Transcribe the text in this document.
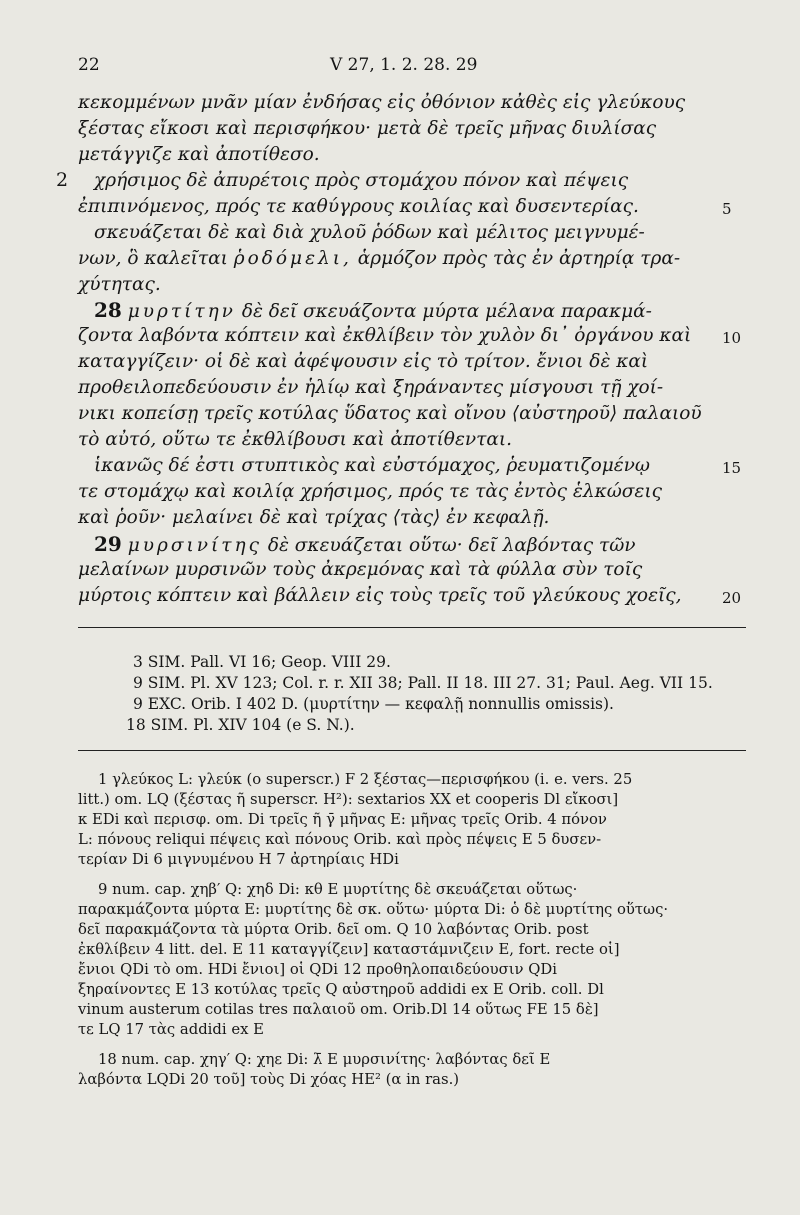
22	V 27, 1. 2. 28. 29
κεκομμένων μνᾶν μίαν ἐνδήσας εἰς ὀθόνιον κἀθὲς εἰς γλεύκους
ξέστας εἴκοσι καὶ περισφήκου· μετὰ δὲ τρεῖς μῆνας διυλίσας
μετάγγιζε καὶ ἀποτίθεσο.
2 χρήσιμος δὲ ἀπυρέτοις πρὸς στομάχου πόνον καὶ πέψεις
ἐπιπινόμενος, πρός τε καθύγρους κοιλίας καὶ δυσεντερίας.	5
σκευάζεται δὲ καὶ διὰ χυλοῦ ῥόδων καὶ μέλιτος μειγνυμέ-
νων, ὃ καλεῖται ῥοδόμελι, ἁρμόζον πρὸς τὰς ἐν ἀρτηρίᾳ τρα-
χύτητας.
28 μυρτίτην δὲ δεῖ σκευάζοντα μύρτα μέλανα παρακμά-
ζοντα λαβόντα κόπτειν καὶ ἐκθλίβειν τὸν χυλὸν δι᾽ ὀργάνου καὶ 10
καταγγίζειν· οἱ δὲ καὶ ἀφέψουσιν εἰς τὸ τρίτον. ἔνιοι δὲ καὶ
προθειλοπεδεύουσιν ἐν ἡλίῳ καὶ ξηράναντες μίσγουσι τῇ χοί-
νικι κοπείσῃ τρεῖς κοτύλας ὕδατος καὶ οἴνου ⟨αὐστηροῦ⟩ παλαιοῦ
τὸ αὐτό, οὕτω τε ἐκθλίβουσι καὶ ἀποτίθενται.
ἱκανῶς δέ ἐστι στυπτικὸς καὶ εὐστόμαχος, ῥευματιζομένῳ	15
τε στομάχῳ καὶ κοιλίᾳ χρήσιμος, πρός τε τὰς ἐντὸς ἑλκώσεις
καὶ ῥοῦν· μελαίνει δὲ καὶ τρίχας ⟨τὰς⟩ ἐν κεφαλῇ.
29 μυρσινίτης δὲ σκευάζεται οὕτω· δεῖ λαβόντας τῶν
μελαίνων μυρσινῶν τοὺς ἀκρεμόνας καὶ τὰ φύλλα σὺν τοῖς
μύρτοις κόπτειν καὶ βάλλειν εἰς τοὺς τρεῖς τοῦ γλεύκους χοεῖς,	20
3 SIM. Pall. VI 16; Geop. VIII 29.
9 SIM. Pl. XV 123; Col. r. r. XII 38; Pall. II 18. III 27. 31; Paul. Aeg. VII 15.
9 EXC. Orib. I 402 D. (μυρτίτην — κεφαλῇ nonnullis omissis).
18 SIM. Pl. XIV 104 (e S. N.).
1 γλεύκος L: γλεύκ (ο superscr.) F 2 ξέστας—περισφήκου (i. e. vers. 25
litt.) om. LQ (ξέστας ῆ superscr. H²): sextarios XX et cooperis Dl εἴκοσι]
κ EDi καὶ περισφ. om. Di τρεῖς ῆ γ̄ μῆνας E: μῆνας τρεῖς Orib. 4 πόνον
L: πόνους reliqui πέψεις καὶ πόνους Orib. καὶ πρὸς πέψεις E 5 δυσεν-
τερίαν Di 6 μιγνυμένου H 7 ἀρτηρίαις HDi
9 num. cap. χηβ′ Q: χηδ Di: κθ E μυρτίτης δὲ σκευάζεται οὕτως·
παρακμάζοντα μύρτα E: μυρτίτης δὲ σκ. οὕτω· μύρτα Di: ὁ δὲ μυρτίτης οὕτως·
δεῖ παρακμάζοντα τὰ μύρτα Orib. δεῖ om. Q 10 λαβόντας Orib. post
ἐκθλίβειν 4 litt. del. E 11 καταγγίζειν] καταστάμνιζειν E, fort. recte οἱ]
ἔνιοι QDi τὸ om. HDi ἔνιοι] οἱ QDi 12 προθηλοπαιδεύουσιν QDi
ξηραίνοντες E 13 κοτύλας τρεῖς Q αὐστηροῦ addidi ex E Orib. coll. Dl
vinum austerum cotilas tres παλαιοῦ om. Orib.Dl 14 οὕτως FE 15 δὲ]
τε LQ 17 τὰς addidi ex E
18 num. cap. χηγ′ Q: χηε Di: λ̄ E μυρσινίτης· λαβόντας δεῖ E
λαβόντα LQDi 20 τοῦ] τοὺς Di χόας HE² (α in ras.)
